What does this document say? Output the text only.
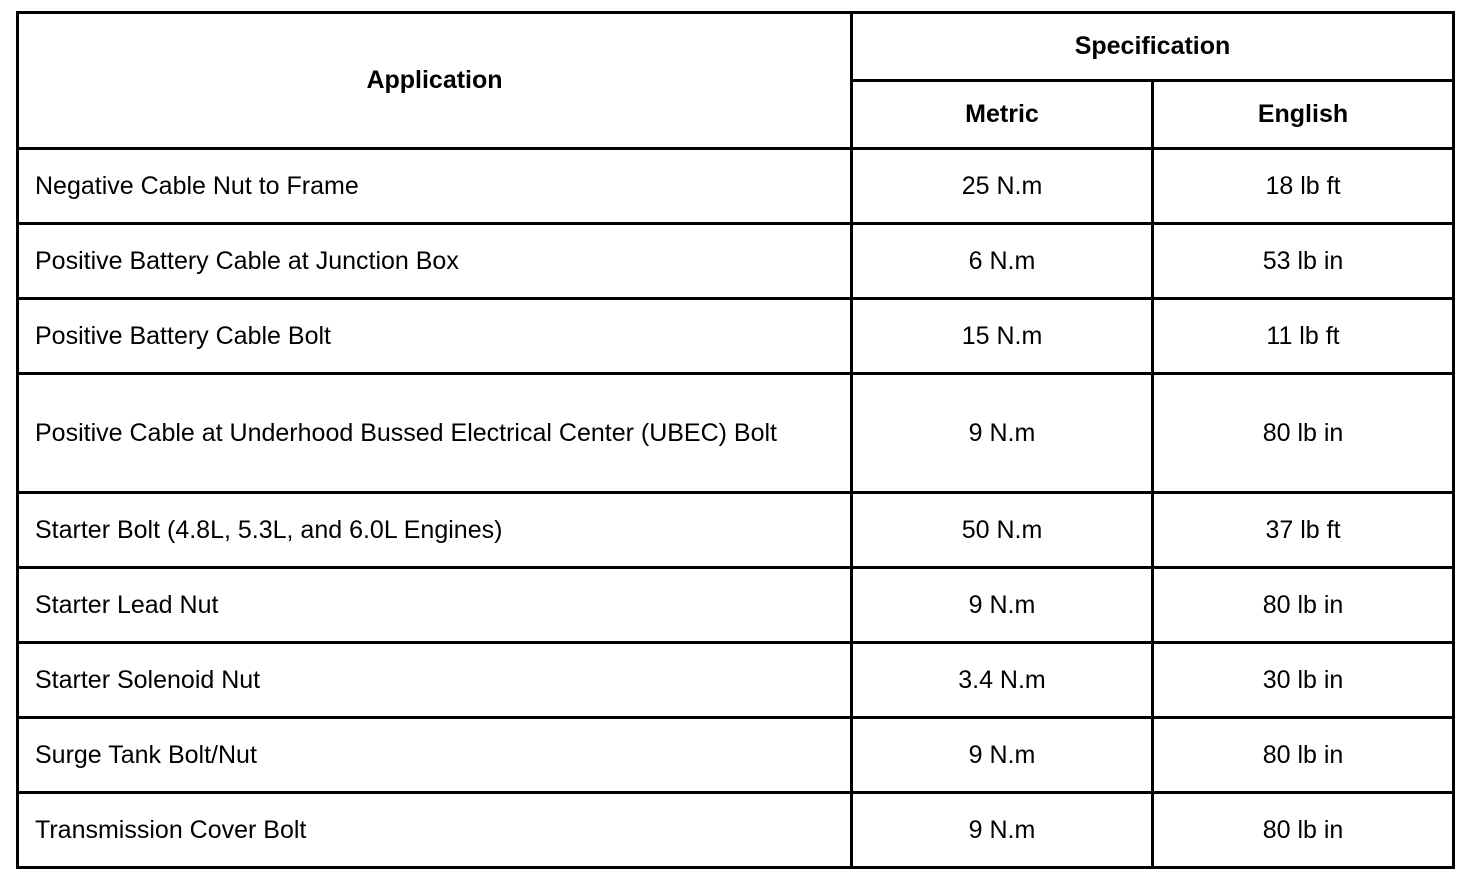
Application	Specification	
	Metric	English
Negative Cable Nut to Frame	25 N.m	18 lb ft
Positive Battery Cable at Junction Box	6 N.m	53 lb in
Positive Battery Cable Bolt	15 N.m	11 lb ft
Positive Cable at Underhood Bussed Electrical Center (UBEC) Bolt	9 N.m	80 lb in
Starter Bolt (4.8L, 5.3L, and 6.0L Engines)	50 N.m	37 lb ft
Starter Lead Nut	9 N.m	80 lb in
Starter Solenoid Nut	3.4 N.m	30 lb in
Surge Tank Bolt/Nut	9 N.m	80 lb in
Transmission Cover Bolt	9 N.m	80 lb in
